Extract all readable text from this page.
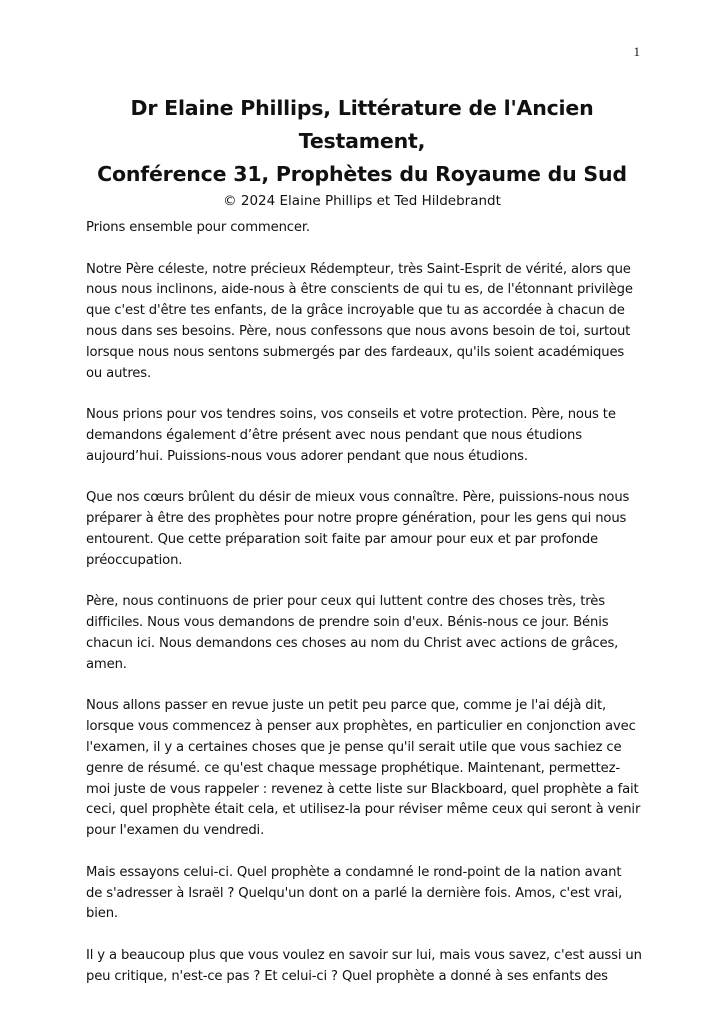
1
Dr Elaine Phillips, Littérature de l'Ancien
Testament,
Conférence 31, Prophètes du Royaume du Sud
© 2024 Elaine Phillips et Ted Hildebrandt

Prions ensemble pour commencer.

Notre Père céleste, notre précieux Rédempteur, très Saint-Esprit de vérité, alors que
nous nous inclinons, aide-nous à être conscients de qui tu es, de l'étonnant privilège
que c'est d'être tes enfants, de la grâce incroyable que tu as accordée à chacun de
nous dans ses besoins. Père, nous confessons que nous avons besoin de toi, surtout
lorsque nous nous sentons submergés par des fardeaux, qu'ils soient académiques
ou autres.

Nous prions pour vos tendres soins, vos conseils et votre protection. Père, nous te
demandons également d’être présent avec nous pendant que nous étudions
aujourd’hui. Puissions-nous vous adorer pendant que nous étudions.

Que nos cœurs brûlent du désir de mieux vous connaître. Père, puissions-nous nous
préparer à être des prophètes pour notre propre génération, pour les gens qui nous
entourent. Que cette préparation soit faite par amour pour eux et par profonde
préoccupation.

Père, nous continuons de prier pour ceux qui luttent contre des choses très, très
difficiles. Nous vous demandons de prendre soin d'eux. Bénis-nous ce jour. Bénis
chacun ici. Nous demandons ces choses au nom du Christ avec actions de grâces,
amen.

Nous allons passer en revue juste un petit peu parce que, comme je l'ai déjà dit,
lorsque vous commencez à penser aux prophètes, en particulier en conjonction avec
l'examen, il y a certaines choses que je pense qu'il serait utile que vous sachiez ce
genre de résumé. ce qu'est chaque message prophétique. Maintenant, permettez-
moi juste de vous rappeler : revenez à cette liste sur Blackboard, quel prophète a fait
ceci, quel prophète était cela, et utilisez-la pour réviser même ceux qui seront à venir
pour l'examen du vendredi.

Mais essayons celui-ci. Quel prophète a condamné le rond-point de la nation avant
de s'adresser à Israël ? Quelqu'un dont on a parlé la dernière fois. Amos, c'est vrai,
bien.

Il y a beaucoup plus que vous voulez en savoir sur lui, mais vous savez, c'est aussi un
peu critique, n'est-ce pas ? Et celui-ci ? Quel prophète a donné à ses enfants des
